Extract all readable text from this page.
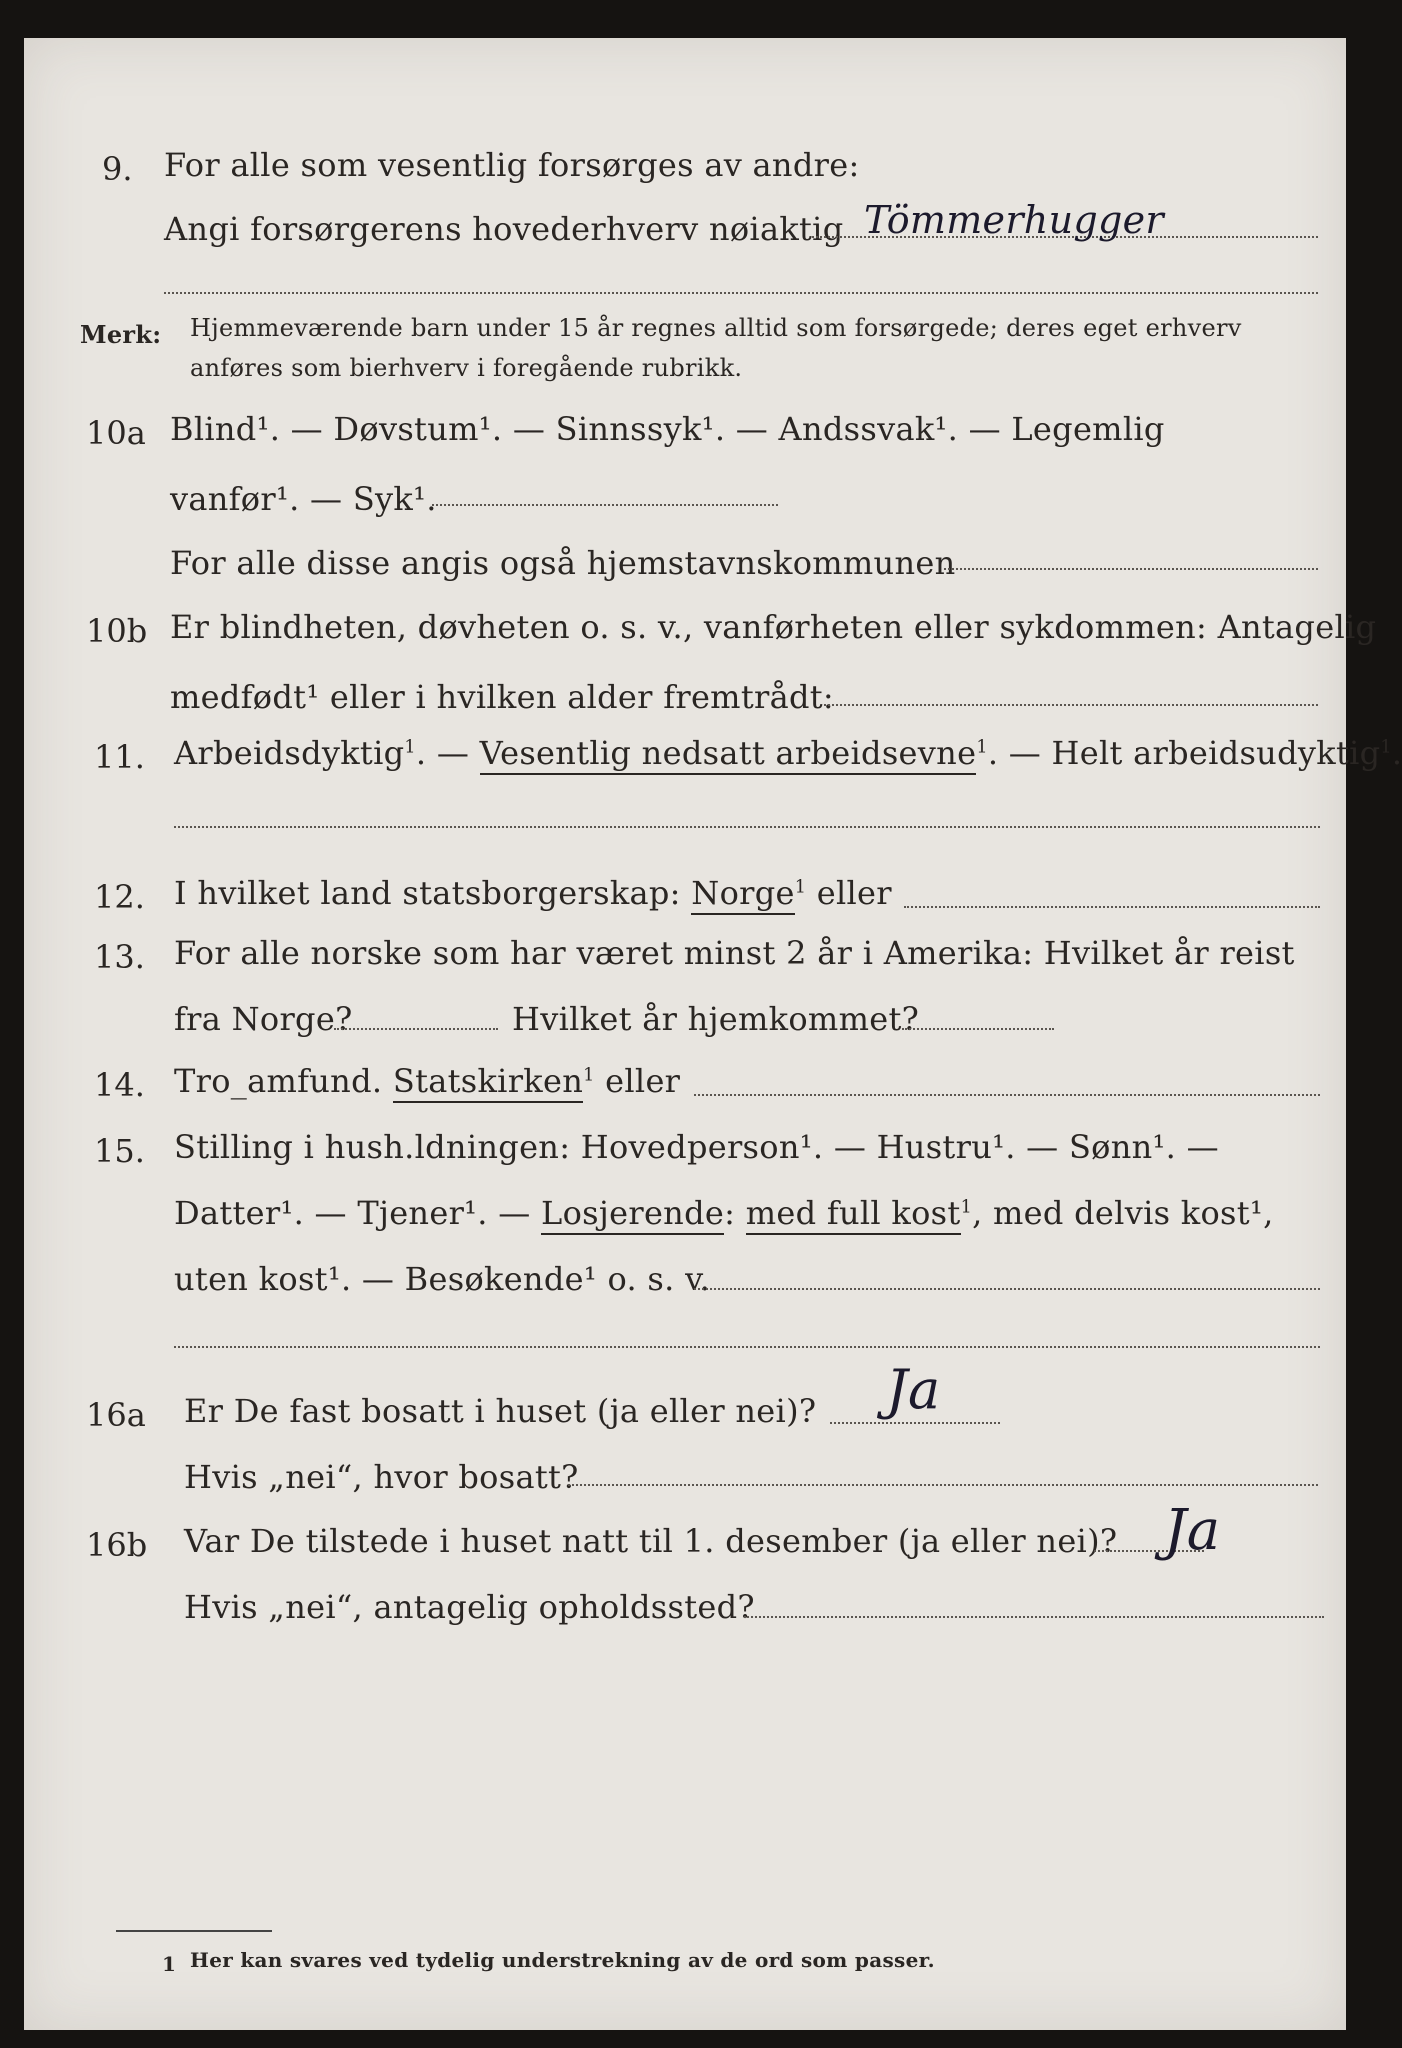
9. For alle som vesentlig forsørges av andre:
Angi forsørgerens hovederhverv nøiaktig Tömmerhugger
Merk: Hjemmeværende barn under 15 år regnes alltid som forsørgede; deres eget erhverv
anføres som bierhverv i foregående rubrikk.
10a Blind¹. — Døvstum¹. — Sinnssyk¹. — Andssvak¹. — Legemlig
vanfør¹. — Syk¹.
For alle disse angis også hjemstavnskommunen
10b Er blindheten, døvheten o. s. v., vanførheten eller sykdommen: Antagelig
medfødt¹ eller i hvilken alder fremtrådt:
11. Arbeidsdyktig$^1$. — Vesentlig nedsatt arbeidsevne$^1$. — Helt arbeidsudyktig$^1$.
12. I hvilket land statsborgerskap: Norge$^1$ eller
13. For alle norske som har været minst 2 år i Amerika: Hvilket år reist
fra Norge?	Hvilket år hjemkommet?
14. Tro_amfund. Statskirken$^1$ eller
15. Stilling i hush.ldningen: Hovedperson¹. — Hustru¹. — Sønn¹. —
Datter¹. — Tjener¹. — Losjerende: med full kost$^1$, med delvis kost¹,
uten kost¹. — Besøkende¹ o. s. v.
16a Er De fast bosatt i huset (ja eller nei)? Ja
Hvis „nei“, hvor bosatt?
16b Var De tilstede i huset natt til 1. desember (ja eller nei)? Ja
Hvis „nei“, antagelig opholdssted?
1 Her kan svares ved tydelig understrekning av de ord som passer.
